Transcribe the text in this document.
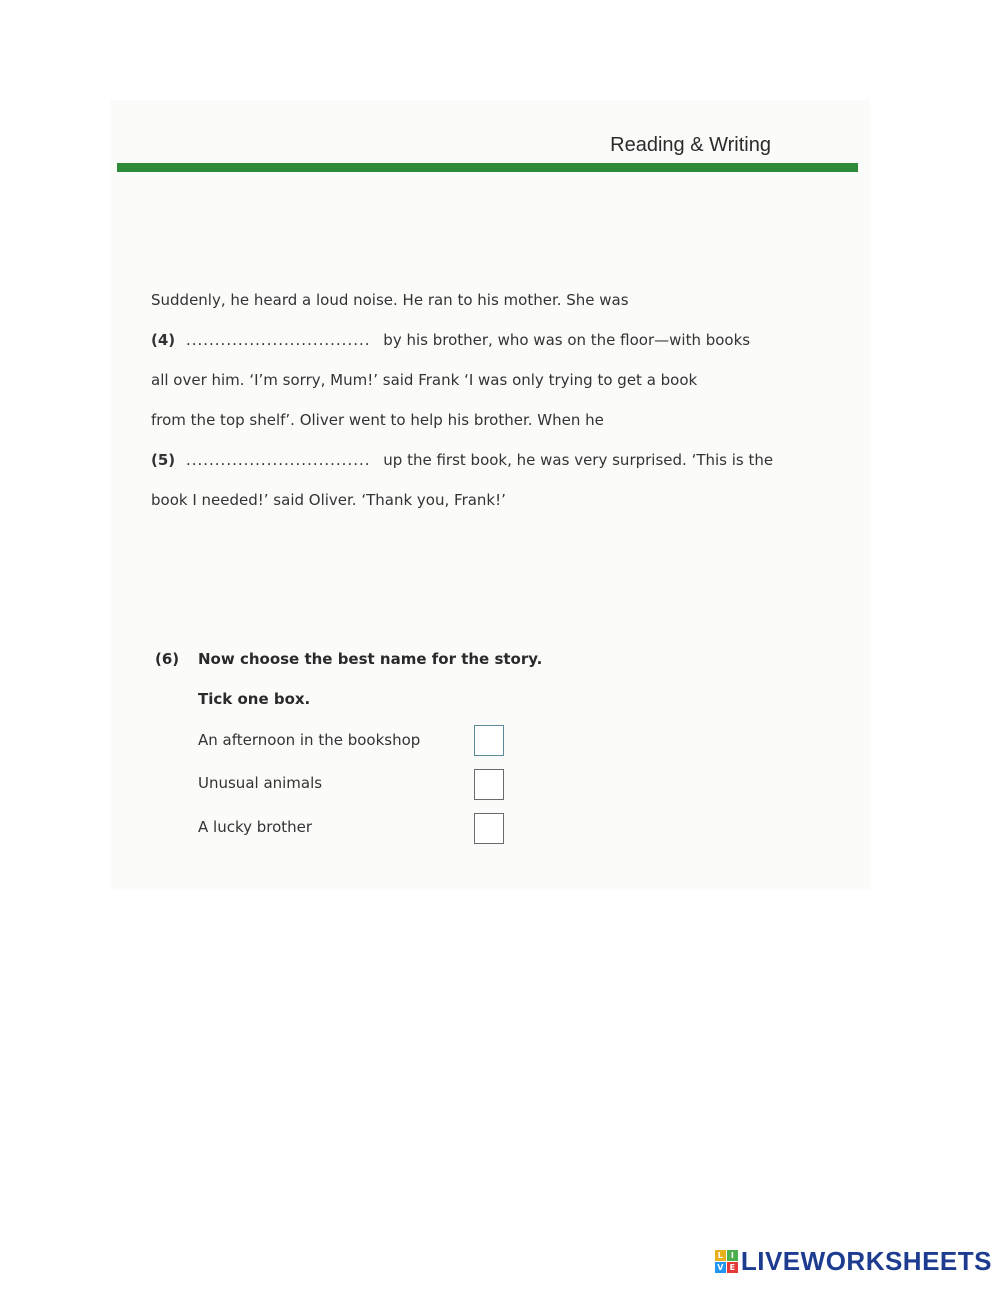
Reading & Writing
Suddenly, he heard a loud noise. He ran to his mother. She was
(4) ................................ by his brother, who was on the floor—with books
all over him. ‘I’m sorry, Mum!’ said Frank ‘I was only trying to get a book
from the top shelf’. Oliver went to help his brother. When he
(5) ................................ up the first book, he was very surprised. ‘This is the
book I needed!’ said Oliver. ‘Thank you, Frank!’
(6) Now choose the best name for the story.
Tick one box.
An afternoon in the bookshop
Unusual animals
A lucky brother
L I
V E LIVEWORKSHEETS
